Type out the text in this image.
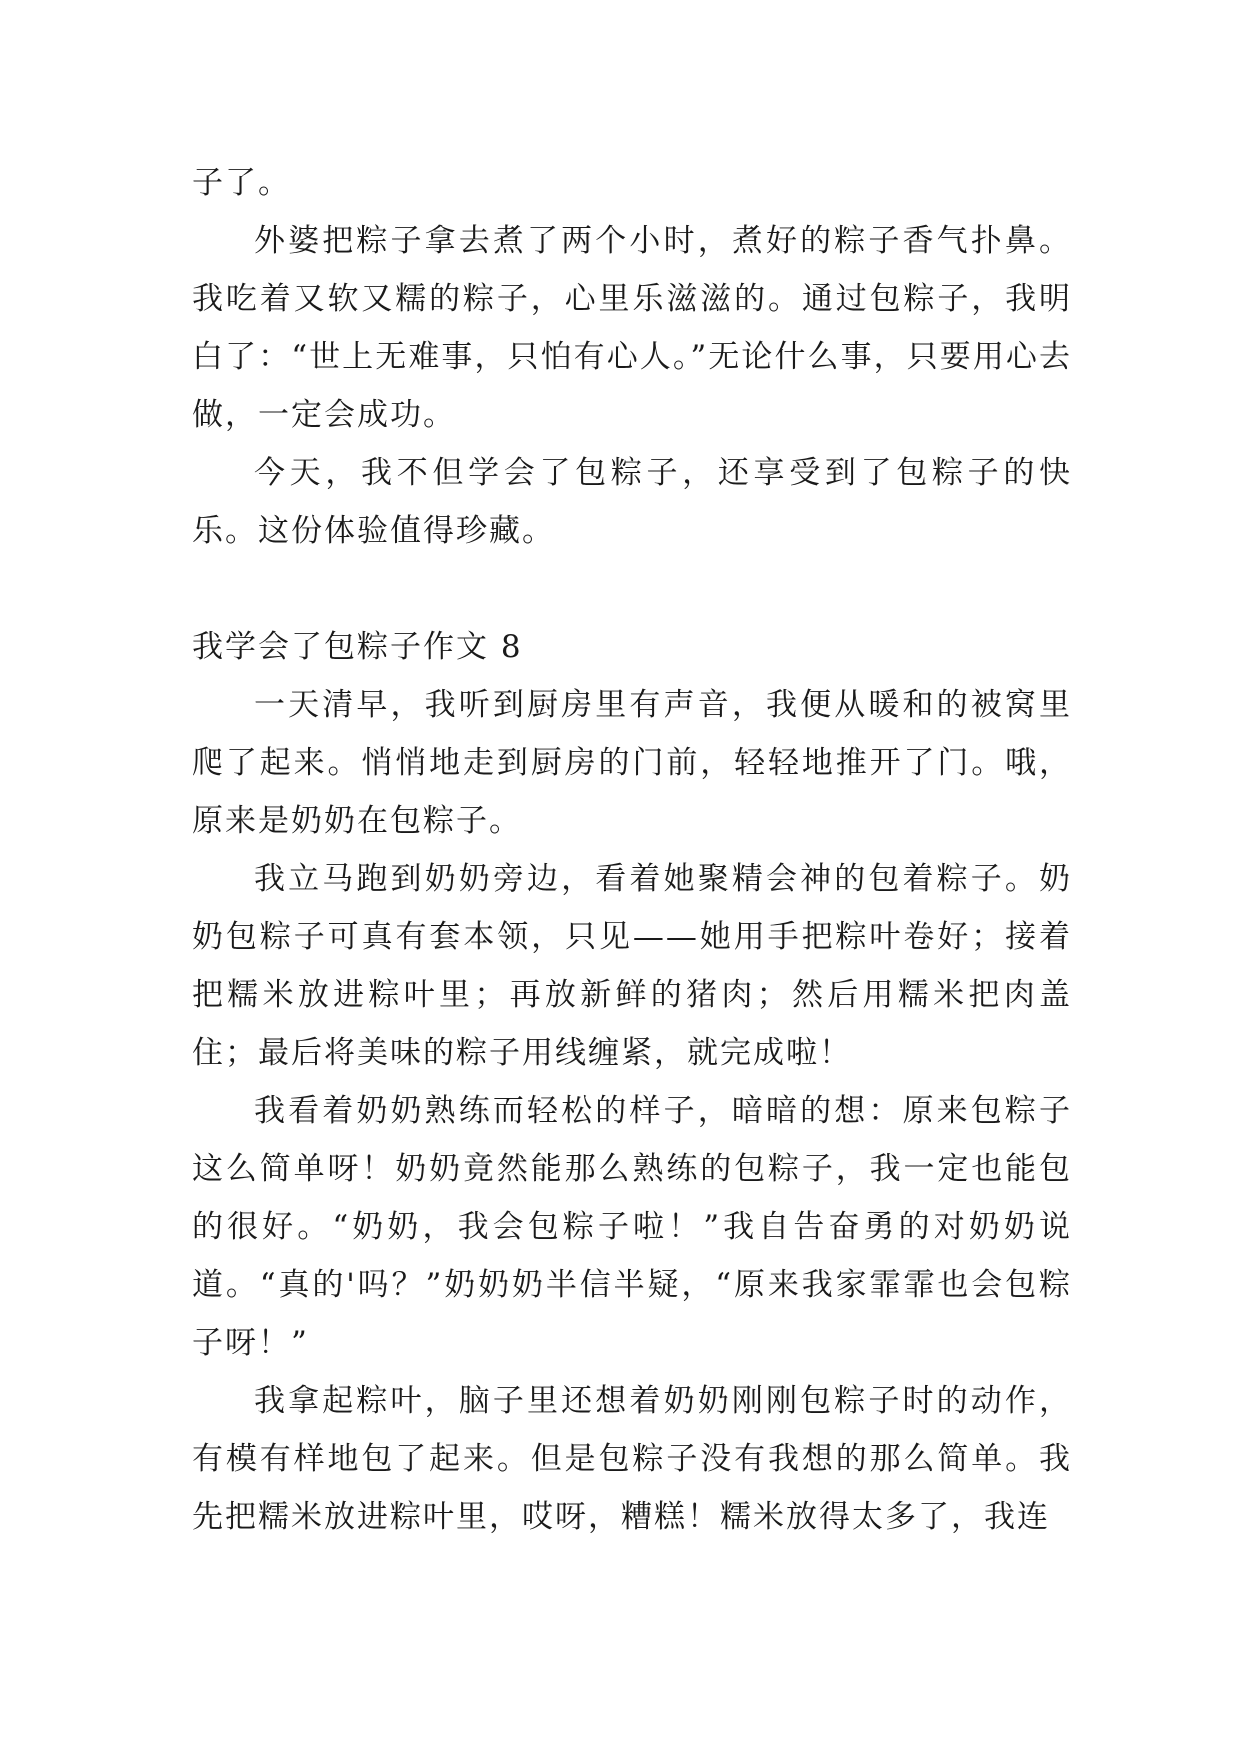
子了。

外婆把粽子拿去煮了两个小时，煮好的粽子香气扑鼻。我吃着又软又糯的粽子，心里乐滋滋的。通过包粽子，我明白了：“世上无难事，只怕有心人。”无论什么事，只要用心去做，一定会成功。

今天，我不但学会了包粽子，还享受到了包粽子的快乐。这份体验值得珍藏。

我学会了包粽子作文 8

一天清早，我听到厨房里有声音，我便从暖和的被窝里爬了起来。悄悄地走到厨房的门前，轻轻地推开了门。哦，原来是奶奶在包粽子。

我立马跑到奶奶旁边，看着她聚精会神的包着粽子。奶奶包粽子可真有套本领，只见——她用手把粽叶卷好；接着把糯米放进粽叶里；再放新鲜的猪肉；然后用糯米把肉盖住；最后将美味的粽子用线缠紧，就完成啦！

我看着奶奶熟练而轻松的样子，暗暗的想：原来包粽子这么简单呀！奶奶竟然能那么熟练的包粽子，我一定也能包的很好。“奶奶，我会包粽子啦！”我自告奋勇的对奶奶说道。“真的'吗？”奶奶奶半信半疑，“原来我家霏霏也会包粽子呀！”

我拿起粽叶，脑子里还想着奶奶刚刚包粽子时的动作，有模有样地包了起来。但是包粽子没有我想的那么简单。我先把糯米放进粽叶里，哎呀，糟糕！糯米放得太多了，我连
